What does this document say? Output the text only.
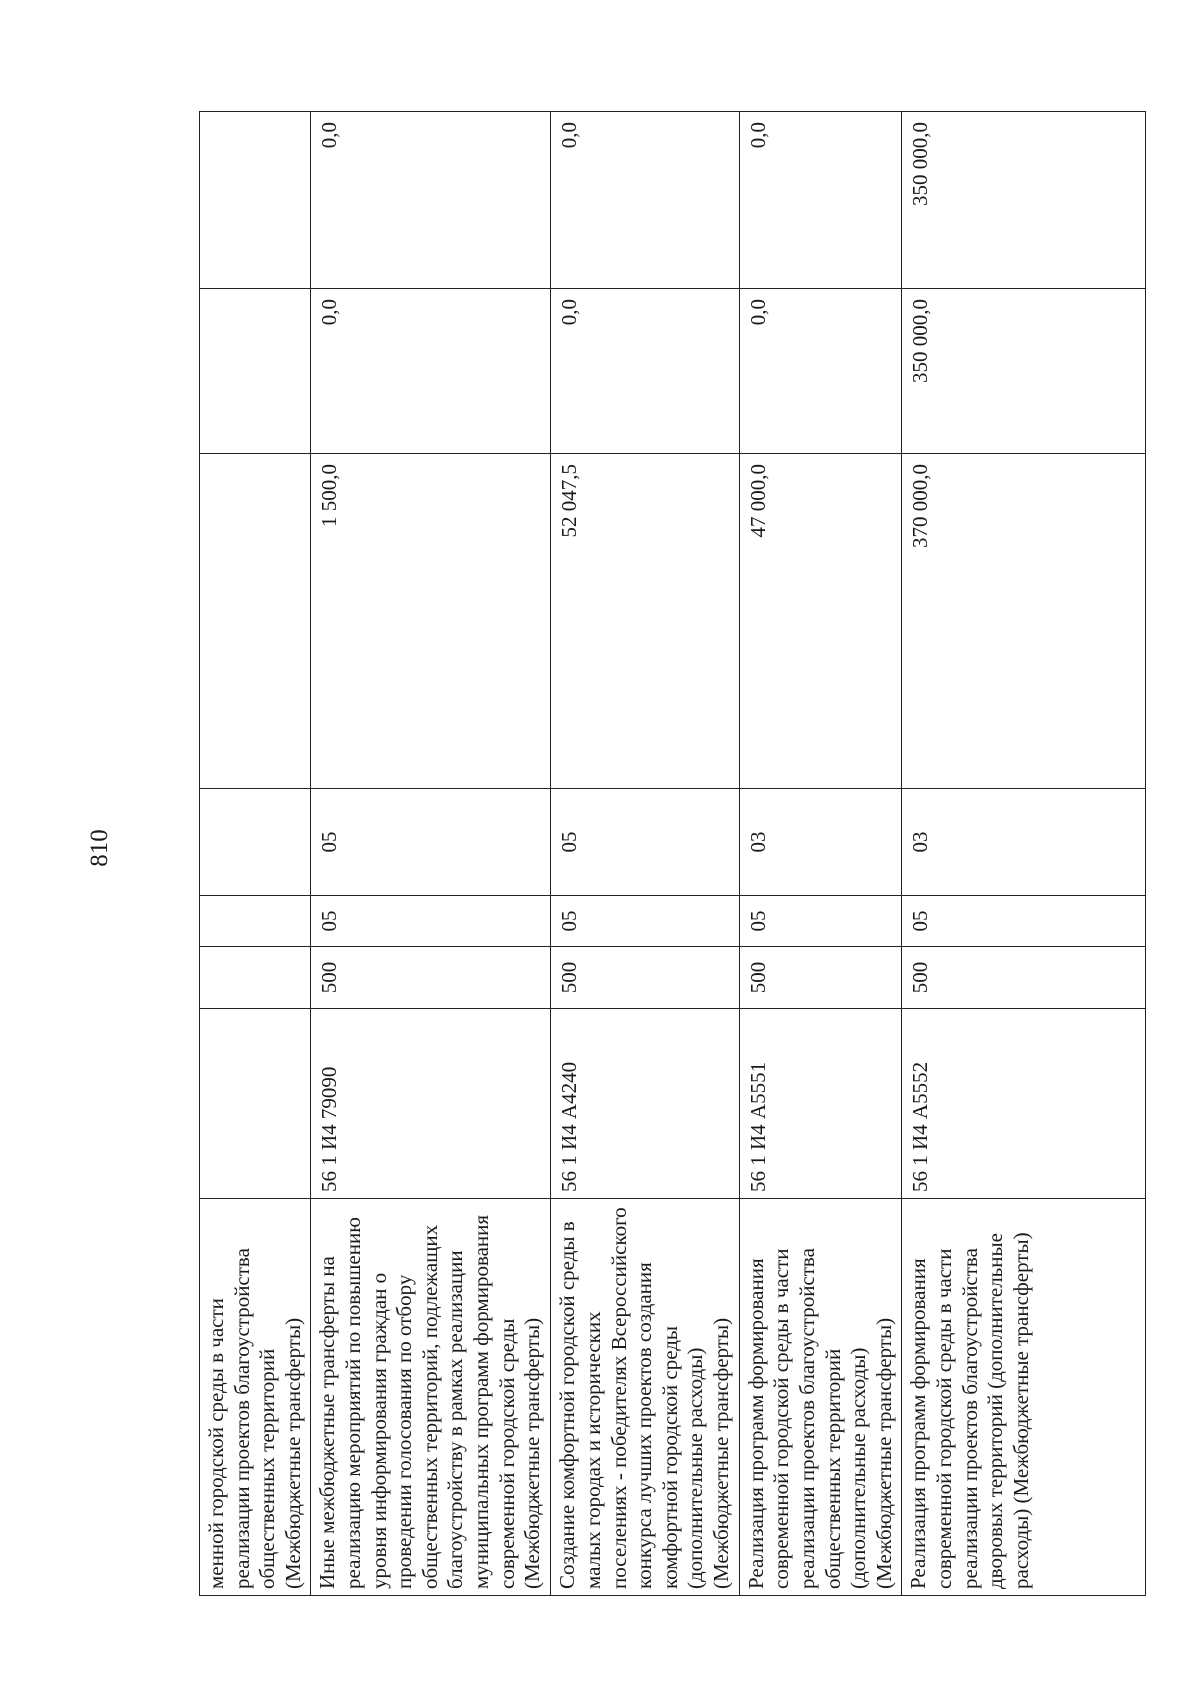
810
менной городской среды в части реализации проектов благоустройства общественных территорий (Межбюджетные трансферты)							
Иные межбюджетные трансферты на реализацию мероприятий по повышению уровня информирования граждан о проведении голосования по отбору общественных территорий, подлежащих благоустройству в рамках реализации муниципальных программ формирования современной городской среды (Межбюджетные трансферты)	56 1 И4 79090	500	05	05	1 500,0	0,0	0,0
Создание комфортной городской среды в малых городах и исторических поселениях - победителях Всероссийского конкурса лучших проектов создания комфортной городской среды (дополнительные расходы) (Межбюджетные трансферты)	56 1 И4 А4240	500	05	05	52 047,5	0,0	0,0
Реализация программ формирования современной городской среды в части реализации проектов благоустройства общественных территорий (дополнительные расходы) (Межбюджетные трансферты)	56 1 И4 А5551	500	05	03	47 000,0	0,0	0,0
Реализация программ формирования современной городской среды в части реализации проектов благоустройства дворовых территорий (дополнительные расходы) (Межбюджетные трансферты)	56 1 И4 А5552	500	05	03	370 000,0	350 000,0	350 000,0
